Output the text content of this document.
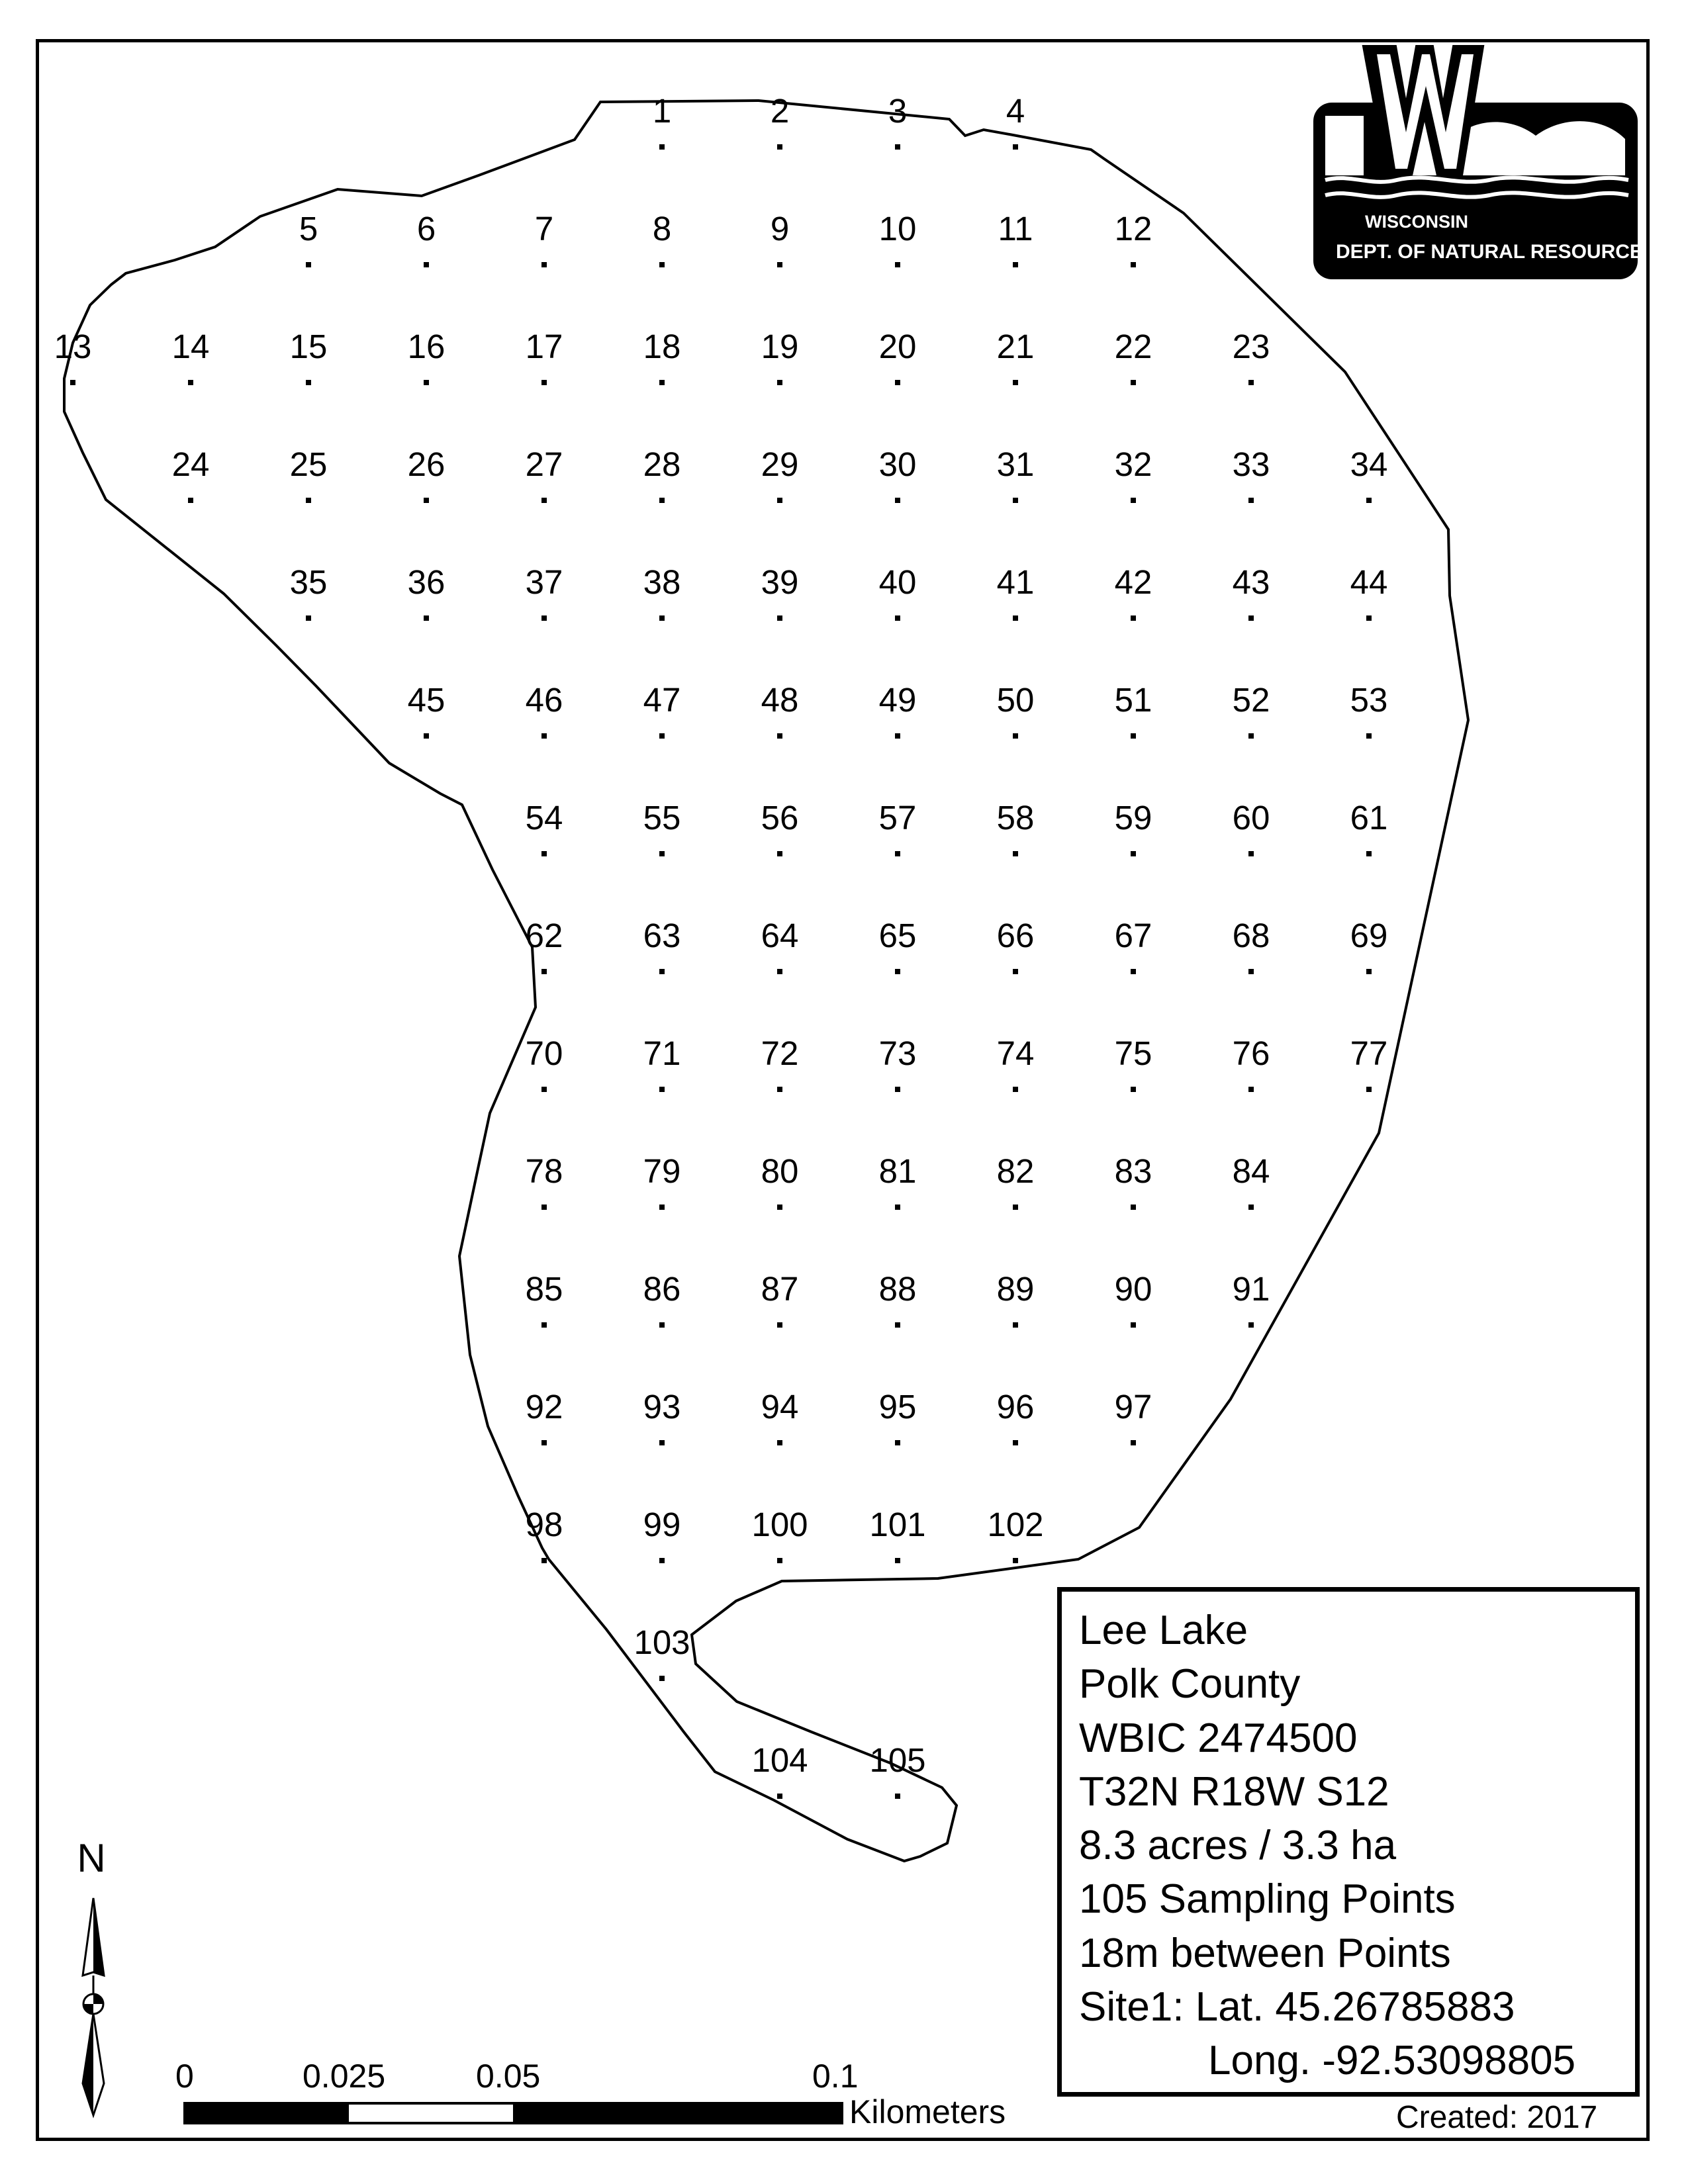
1	2	3	4
5	6	7	8	9	10 11 12
13 14 15 16 17 18 19 20 21 22 23
24 25 26 27 28 29 30 31 32 33 34
35 36 37 38 39 40 41 42 43 44
45 46 47 48 49 50 51 52 53
54 55 56 57 58 59 60 61
62 63 64 65 66 67 68 69
70 71 72 73 74 75 76 77
78 79 80 81 82 83 84
85 86 87 88 89 90 91
92 93 94 95 96 97
98 99 100 101 102
103
104 105
N
WISCONSIN
DEPT. OF NATURAL RESOURCES
Lee Lake
Polk County
WBIC 2474500
T32N R18W S12
8.3 acres / 3.3 ha
105 Sampling Points
18m between Points
Site1: Lat. 45.26785883
Long. -92.53098805
0	0.025	0.05	0.1
Kilometers	Created: 2017
